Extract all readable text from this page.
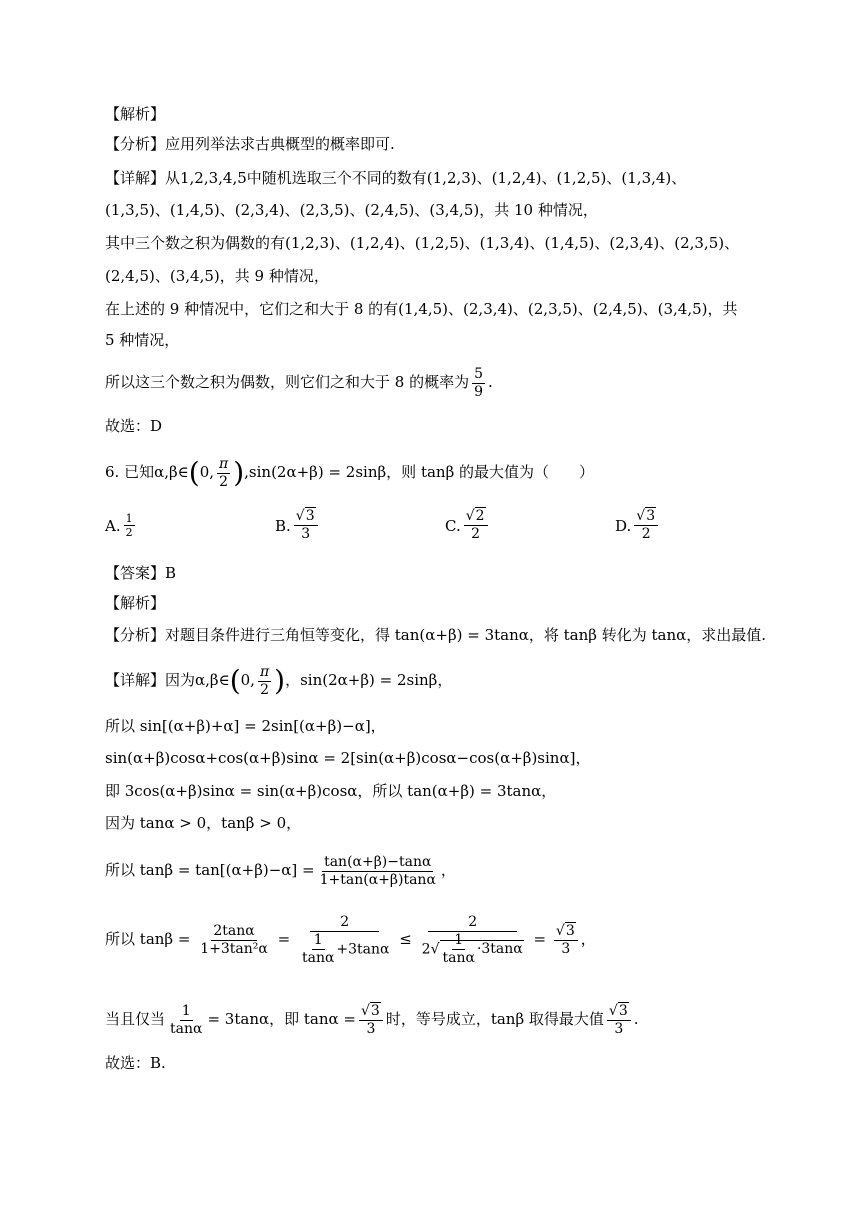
【解析】
【分析】应用列举法求古典概型的概率即可.
【详解】从1,2,3,4,5中随机选取三个不同的数有(1,2,3)、(1,2,4)、(1,2,5)、(1,3,4)、
(1,3,5)、(1,4,5)、(2,3,4)、(2,3,5)、(2,4,5)、(3,4,5)，共 10 种情况，
其中三个数之积为偶数的有(1,2,3)、(1,2,4)、(1,2,5)、(1,3,4)、(1,4,5)、(2,3,4)、(2,3,5)、
(2,4,5)、(3,4,5)，共 9 种情况，
在上述的 9 种情况中，它们之和大于 8 的有(1,4,5)、(2,3,4)、(2,3,5)、(2,4,5)、(3,4,5)，共
5 种情况，
所以这三个数之积为偶数，则它们之和大于 8 的概率为 $\frac{5}{9}$ .
故选：D
6. 已知α,β∈(0, $\frac{\pi}{2} ),\sin(2\alpha+\beta) = 2\sin\beta$，则 tanβ 的最大值为（　　）
A. $\frac{1}{2}$	B. $\frac{√3}{3}$	C. $\frac{√2}{2}$	D. $\frac{√3}{2}$
【答案】B
【解析】
【分析】对题目条件进行三角恒等变化，得 tan(α+β) = 3tanα，将 tanβ 转化为 tanα，求出最值.
【详解】因为α,β∈(0, $\frac{\pi}{2}$ )，sin(2α+β) = 2sinβ，
所以 sin[(α+β)+α] = 2sin[(α+β)−α]，
sin(α+β)cosα+cos(α+β)sinα = 2[sin(α+β)cosα−cos(α+β)sinα]，
即 3cos(α+β)sinα = sin(α+β)cosα，所以 tan(α+β) = 3tanα，
因为 tanα > 0，tanβ > 0，
所以 $\tan\beta = \tan[(\alpha+\beta)-\alpha] = \frac{\tan(\alpha+\beta)-\tan\alpha}{1+\tan(\alpha+\beta)\tan\alpha}$ ，
所以 $\tan\beta = \frac{2\tan\alpha}{\text{1+3tan²α}} = \frac{2}{\frac{1}{\tan\alpha} +3\tan\alpha} \le \frac{2}{2√ \frac{1}{\tan\alpha} \cdot 3\tan\alpha} = \frac{√3}{3}$ ，
当且仅当 $\frac{1}{\tan\alpha} = 3\tan\alpha$，即 $\tan\alpha = \frac{√3}{3}$ 时，等号成立，tanβ 取得最大值 $\frac{√3}{3}$ .
故选：B.
